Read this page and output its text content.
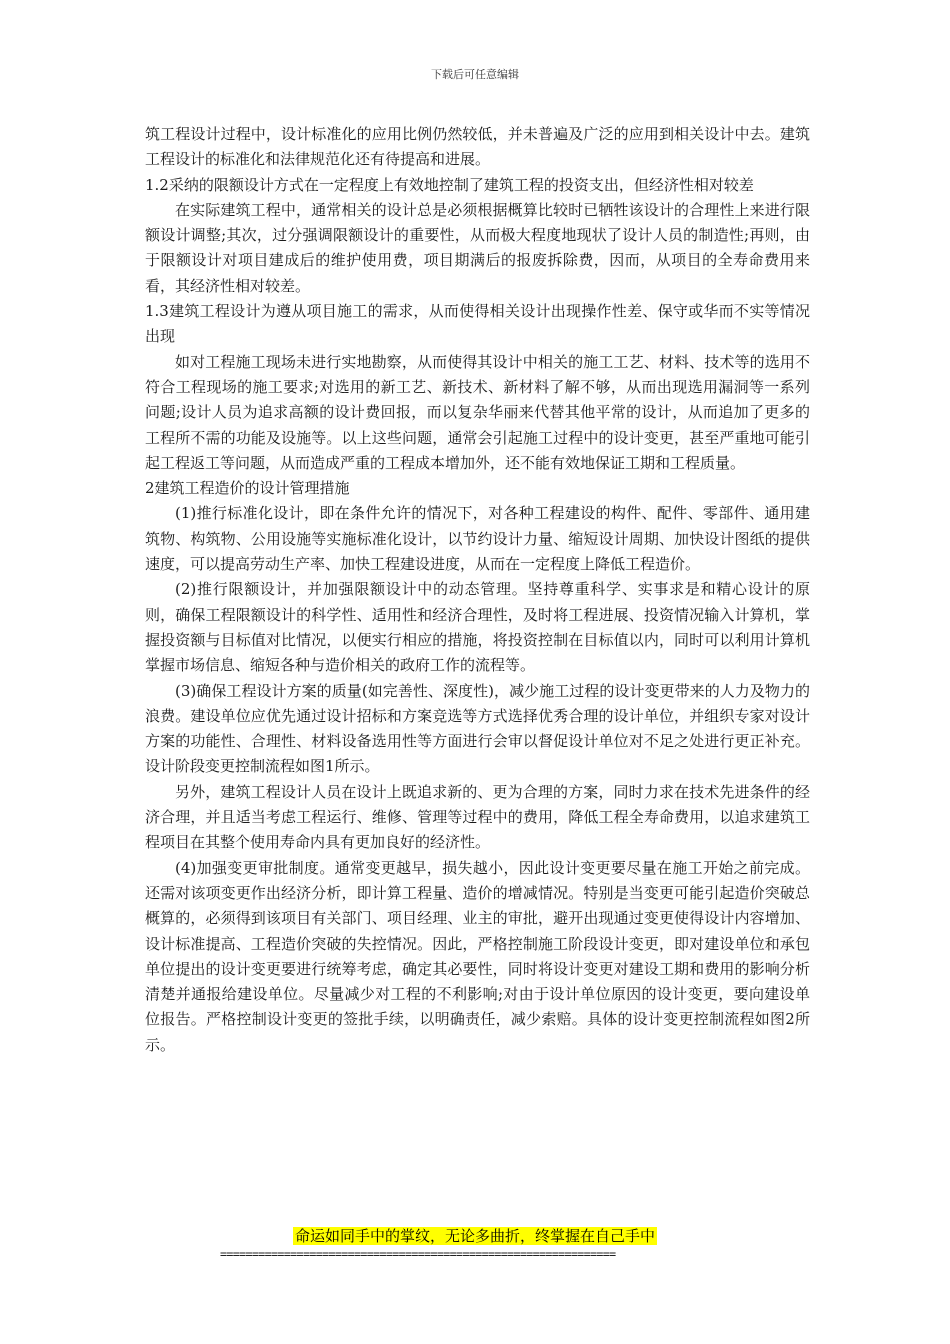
下载后可任意编辑

筑工程设计过程中，设计标准化的应用比例仍然较低，并未普遍及广泛的应用到相关设计中去。建筑工程设计的标准化和法律规范化还有待提高和进展。

1.2采纳的限额设计方式在一定程度上有效地控制了建筑工程的投资支出，但经济性相对较差

在实际建筑工程中，通常相关的设计总是必须根据概算比较时已牺牲该设计的合理性上来进行限额设计调整;其次，过分强调限额设计的重要性，从而极大程度地现状了设计人员的制造性;再则，由于限额设计对项目建成后的维护使用费，项目期满后的报废拆除费，因而，从项目的全寿命费用来看，其经济性相对较差。

1.3建筑工程设计为遵从项目施工的需求，从而使得相关设计出现操作性差、保守或华而不实等情况出现

如对工程施工现场未进行实地勘察，从而使得其设计中相关的施工工艺、材料、技术等的选用不符合工程现场的施工要求;对选用的新工艺、新技术、新材料了解不够，从而出现选用漏洞等一系列问题;设计人员为追求高额的设计费回报，而以复杂华丽来代替其他平常的设计，从而追加了更多的工程所不需的功能及设施等。以上这些问题，通常会引起施工过程中的设计变更，甚至严重地可能引起工程返工等问题，从而造成严重的工程成本增加外，还不能有效地保证工期和工程质量。

2建筑工程造价的设计管理措施

(1)推行标准化设计，即在条件允许的情况下，对各种工程建设的构件、配件、零部件、通用建筑物、构筑物、公用设施等实施标准化设计，以节约设计力量、缩短设计周期、加快设计图纸的提供速度，可以提高劳动生产率、加快工程建设进度，从而在一定程度上降低工程造价。

(2)推行限额设计，并加强限额设计中的动态管理。坚持尊重科学、实事求是和精心设计的原则，确保工程限额设计的科学性、适用性和经济合理性，及时将工程进展、投资情况输入计算机，掌握投资额与目标值对比情况，以便实行相应的措施，将投资控制在目标值以内，同时可以利用计算机掌握市场信息、缩短各种与造价相关的政府工作的流程等。

(3)确保工程设计方案的质量(如完善性、深度性)，减少施工过程的设计变更带来的人力及物力的浪费。建设单位应优先通过设计招标和方案竞选等方式选择优秀合理的设计单位，并组织专家对设计方案的功能性、合理性、材料设备选用性等方面进行会审以督促设计单位对不足之处进行更正补充。设计阶段变更控制流程如图1所示。

另外，建筑工程设计人员在设计上既追求新的、更为合理的方案，同时力求在技术先进条件的经济合理，并且适当考虑工程运行、维修、管理等过程中的费用，降低工程全寿命费用，以追求建筑工程项目在其整个使用寿命内具有更加良好的经济性。

(4)加强变更审批制度。通常变更越早，损失越小，因此设计变更要尽量在施工开始之前完成。还需对该项变更作出经济分析，即计算工程量、造价的增减情况。特别是当变更可能引起造价突破总概算的，必须得到该项目有关部门、项目经理、业主的审批，避开出现通过变更使得设计内容增加、设计标准提高、工程造价突破的失控情况。因此，严格控制施工阶段设计变更，即对建设单位和承包单位提出的设计变更要进行统筹考虑，确定其必要性，同时将设计变更对建设工期和费用的影响分析清楚并通报给建设单位。尽量减少对工程的不利影响;对由于设计单位原因的设计变更，要向建设单位报告。严格控制设计变更的签批手续，以明确责任，减少索赔。具体的设计变更控制流程如图2所示。

命运如同手中的掌纹，无论多曲折，终掌握在自己手中
==============================================================
